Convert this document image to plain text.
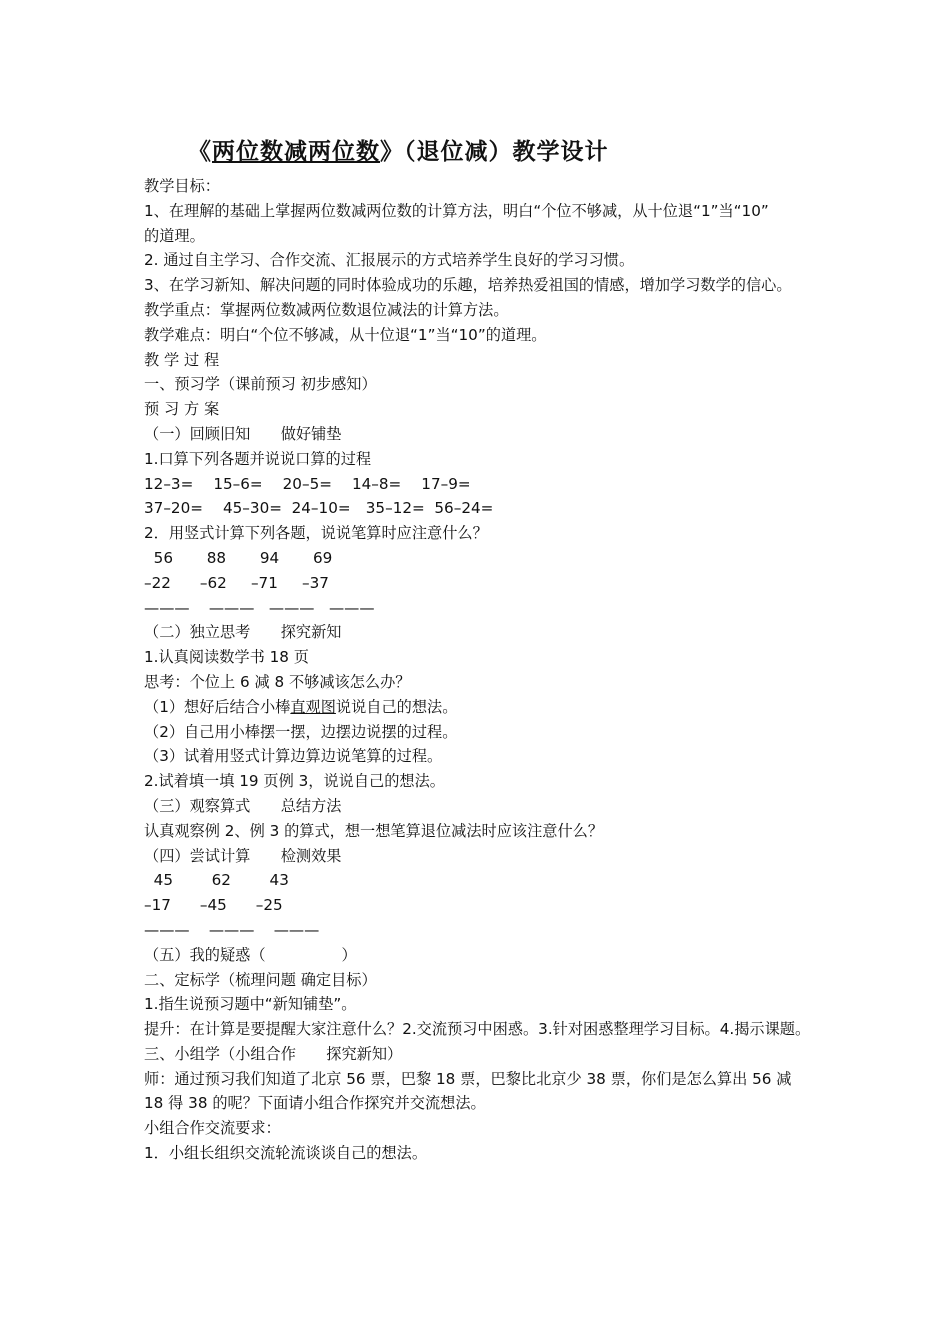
《两位数减两位数》（退位减）教学设计
教学目标：
1、在理解的基础上掌握两位数减两位数的计算方法，明白“个位不够减，从十位退“1”当“10”　　的道理。
2. 通过自主学习、合作交流、汇报展示的方式培养学生良好的学习习惯。
3、在学习新知、解决问题的同时体验成功的乐趣，培养热爱祖国的情感，增加学习数学的信心。
教学重点：掌握两位数减两位数退位减法的计算方法。
教学难点：明白“个位不够减，从十位退“1”当“10”的道理。
教 学 过 程
一、预习学（课前预习 初步感知）
预 习 方 案
（一）回顾旧知　　做好铺垫
1.口算下列各题并说说口算的过程
12–3=　 15–6=　 20–5=　 14–8=　 17–9=
37–20=　 45–30=  24–10=　35–12=  56–24=
2．用竖式计算下列各题，说说笔算时应注意什么？
56       88       94       69
–22      –62     –71     –37
———    ———   ———   ———
（二）独立思考　　探究新知
1.认真阅读数学书 18 页
思考：个位上 6 减 8 不够减该怎么办？
（1）想好后结合小棒直观图说说自己的想法。
（2）自己用小棒摆一摆，边摆边说摆的过程。
（3）试着用竖式计算边算边说笔算的过程。
2.试着填一填 19 页例 3，说说自己的想法。
（三）观察算式　　总结方法
认真观察例 2、例 3 的算式，想一想笔算退位减法时应该注意什么？
（四）尝试计算　　检测效果
45        62        43
–17      –45      –25
———    ———    ———
（五）我的疑惑（　　　　　）
二、定标学（梳理问题 确定目标）
1.指生说预习题中“新知铺垫”。
提升：在计算是要提醒大家注意什么？2.交流预习中困惑。3.针对困惑整理学习目标。4.揭示课题。
三、小组学（小组合作　　探究新知）
师：通过预习我们知道了北京 56 票，巴黎 18 票，巴黎比北京少 38 票，你们是怎么算出 56 减 18 得 38 的呢？下面请小组合作探究并交流想法。
小组合作交流要求：
1．小组长组织交流轮流谈谈自己的想法。
